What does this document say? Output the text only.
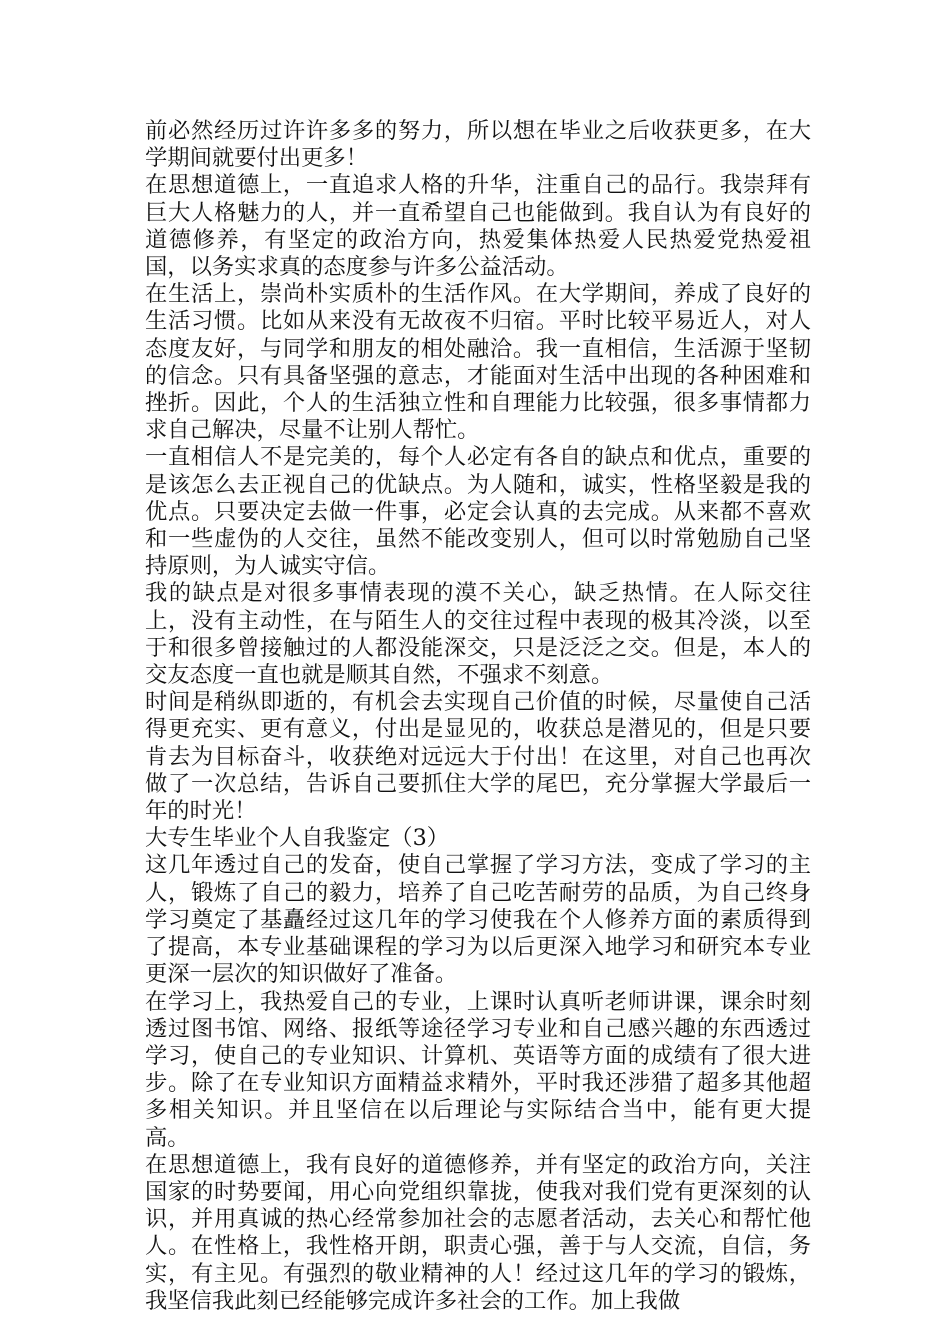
前必然经历过许许多多的努力，所以想在毕业之后收获更多，在大学期间就要付出更多！

在思想道德上，一直追求人格的升华，注重自己的品行。我崇拜有巨大人格魅力的人，并一直希望自己也能做到。我自认为有良好的道德修养，有坚定的政治方向，热爱集体热爱人民热爱党热爱祖国，以务实求真的态度参与许多公益活动。

在生活上，崇尚朴实质朴的生活作风。在大学期间，养成了良好的生活习惯。比如从来没有无故夜不归宿。平时比较平易近人，对人态度友好，与同学和朋友的相处融洽。我一直相信，生活源于坚韧的信念。只有具备坚强的意志，才能面对生活中出现的各种困难和挫折。因此，个人的生活独立性和自理能力比较强，很多事情都力求自己解决，尽量不让别人帮忙。

一直相信人不是完美的，每个人必定有各自的缺点和优点，重要的是该怎么去正视自己的优缺点。为人随和，诚实，性格坚毅是我的优点。只要决定去做一件事，必定会认真的去完成。从来都不喜欢和一些虚伪的人交往，虽然不能改变别人，但可以时常勉励自己坚持原则，为人诚实守信。

我的缺点是对很多事情表现的漠不关心，缺乏热情。在人际交往上，没有主动性，在与陌生人的交往过程中表现的极其冷淡，以至于和很多曾接触过的人都没能深交，只是泛泛之交。但是，本人的交友态度一直也就是顺其自然，不强求不刻意。

时间是稍纵即逝的，有机会去实现自己价值的时候，尽量使自己活得更充实、更有意义，付出是显见的，收获总是潜见的，但是只要肯去为目标奋斗，收获绝对远远大于付出！在这里，对自己也再次做了一次总结，告诉自己要抓住大学的尾巴，充分掌握大学最后一年的时光！

大专生毕业个人自我鉴定（3）

这几年透过自己的发奋，使自己掌握了学习方法，变成了学习的主人，锻炼了自己的毅力，培养了自己吃苦耐劳的品质，为自己终身学习奠定了基矗经过这几年的学习使我在个人修养方面的素质得到了提高，本专业基础课程的学习为以后更深入地学习和研究本专业更深一层次的知识做好了准备。

在学习上，我热爱自己的专业，上课时认真听老师讲课，课余时刻透过图书馆、网络、报纸等途径学习专业和自己感兴趣的东西透过学习，使自己的专业知识、计算机、英语等方面的成绩有了很大进步。除了在专业知识方面精益求精外，平时我还涉猎了超多其他超多相关知识。并且坚信在以后理论与实际结合当中，能有更大提高。

在思想道德上，我有良好的道德修养，并有坚定的政治方向，关注国家的时势要闻，用心向党组织靠拢，使我对我们党有更深刻的认识，并用真诚的热心经常参加社会的志愿者活动，去关心和帮忙他人。在性格上，我性格开朗，职责心强，善于与人交流，自信，务实，有主见。有强烈的敬业精神的人！经过这几年的学习的锻炼，我坚信我此刻已经能够完成许多社会的工作。加上我做
